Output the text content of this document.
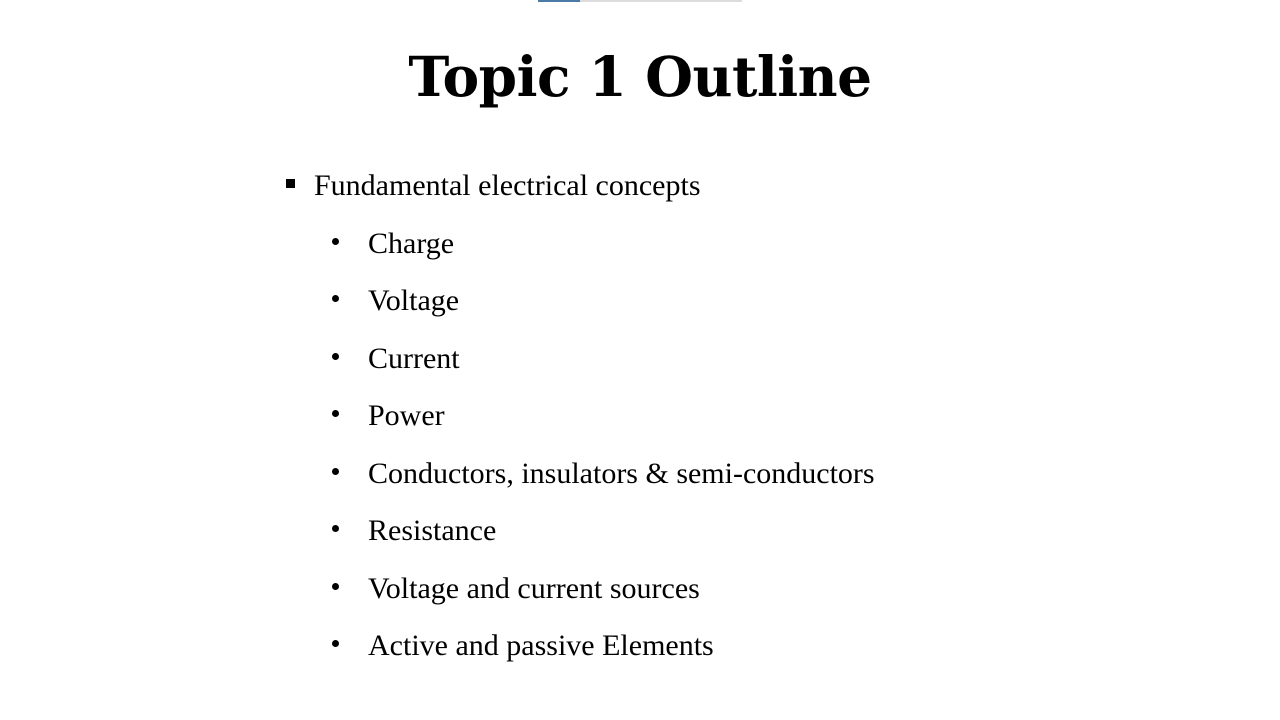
Topic 1 Outline
Fundamental electrical concepts
Charge
Voltage
Current
Power
Conductors, insulators & semi-conductors
Resistance
Voltage and current sources
Active and passive Elements
